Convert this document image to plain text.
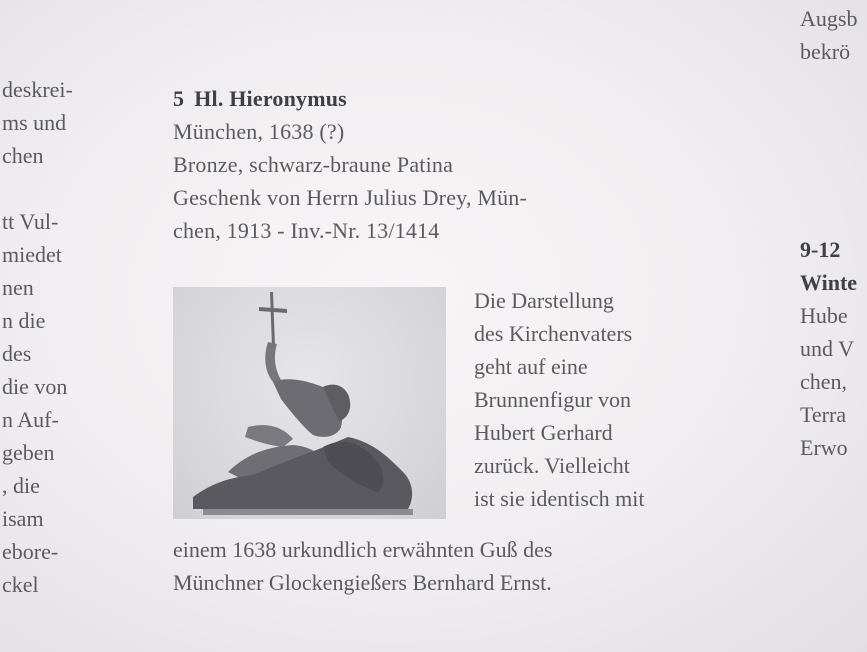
deskrei-
ms und
chen

tt Vul-
miedet
nen
n die
des
die von
n Auf-
geben
, die
isam
ebore-
ckel
5 Hl. Hieronymus
München, 1638 (?)
Bronze, schwarz-braune Patina
Geschenk von Herrn Julius Drey, Mün-
chen, 1913 - Inv.-Nr. 13/1414
Die Darstellung
des Kirchenvaters
geht auf eine
Brunnenfigur von
Hubert Gerhard
zurück. Vielleicht
ist sie identisch mit
einem 1638 urkundlich erwähnten Guß des
Münchner Glockengießers Bernhard Ernst.
Augsb
bekrö
9-12
Winte
Hube
und V
chen,
Terra
Erwo
